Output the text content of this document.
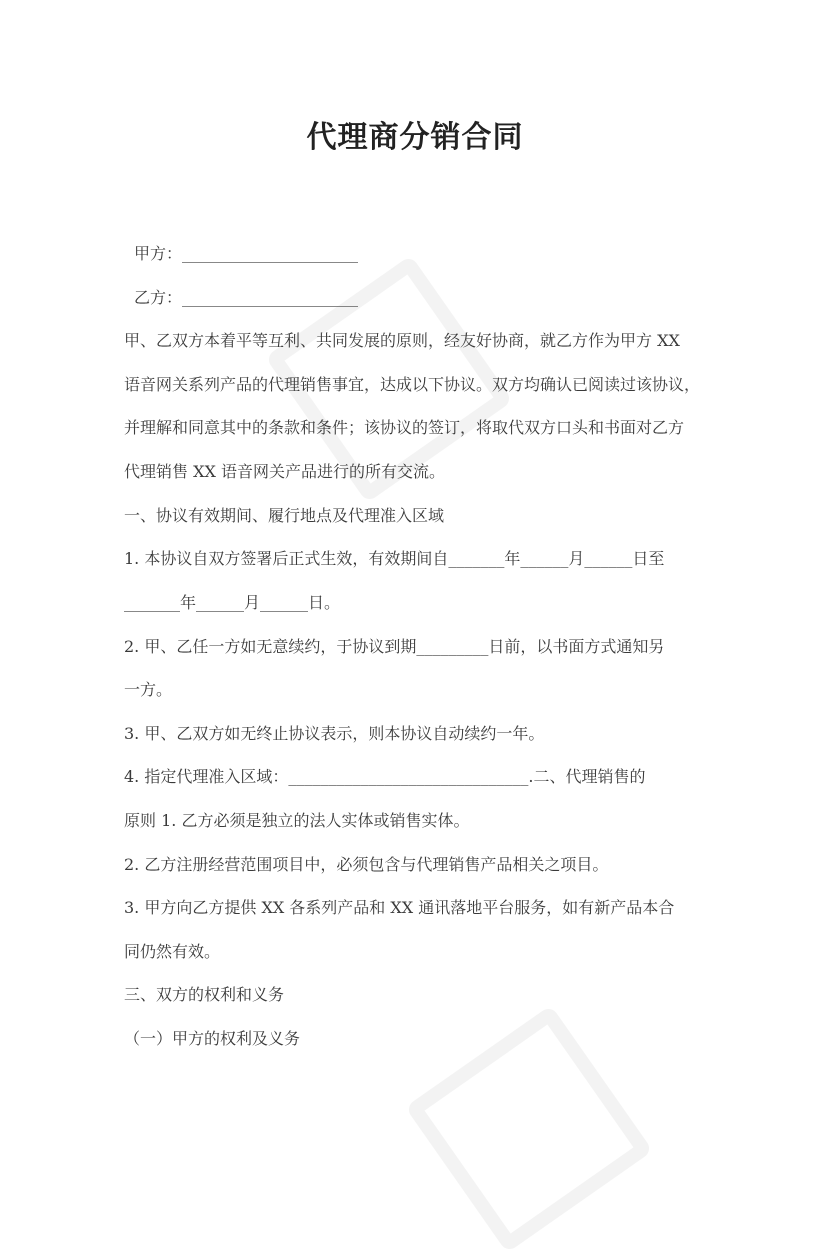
代理商分销合同
甲方：______________________
乙方：______________________
甲、乙双方本着平等互利、共同发展的原则，经友好协商，就乙方作为甲方 XX
语音网关系列产品的代理销售事宜，达成以下协议。双方均确认已阅读过该协议，
并理解和同意其中的条款和条件；该协议的签订，将取代双方口头和书面对乙方
代理销售 XX 语音网关产品进行的所有交流。
一、协议有效期间、履行地点及代理准入区域
1. 本协议自双方签署后正式生效，有效期间自_______年______月______日至
_______年______月______日。
2. 甲、乙任一方如无意续约，于协议到期_________日前，以书面方式通知另
一方。
3. 甲、乙双方如无终止协议表示，则本协议自动续约一年。
4. 指定代理准入区域：______________________________.二、代理销售的
原则 1. 乙方必须是独立的法人实体或销售实体。
2. 乙方注册经营范围项目中，必须包含与代理销售产品相关之项目。
3. 甲方向乙方提供 XX 各系列产品和 XX 通讯落地平台服务，如有新产品本合
同仍然有效。
三、双方的权利和义务
（一）甲方的权利及义务
